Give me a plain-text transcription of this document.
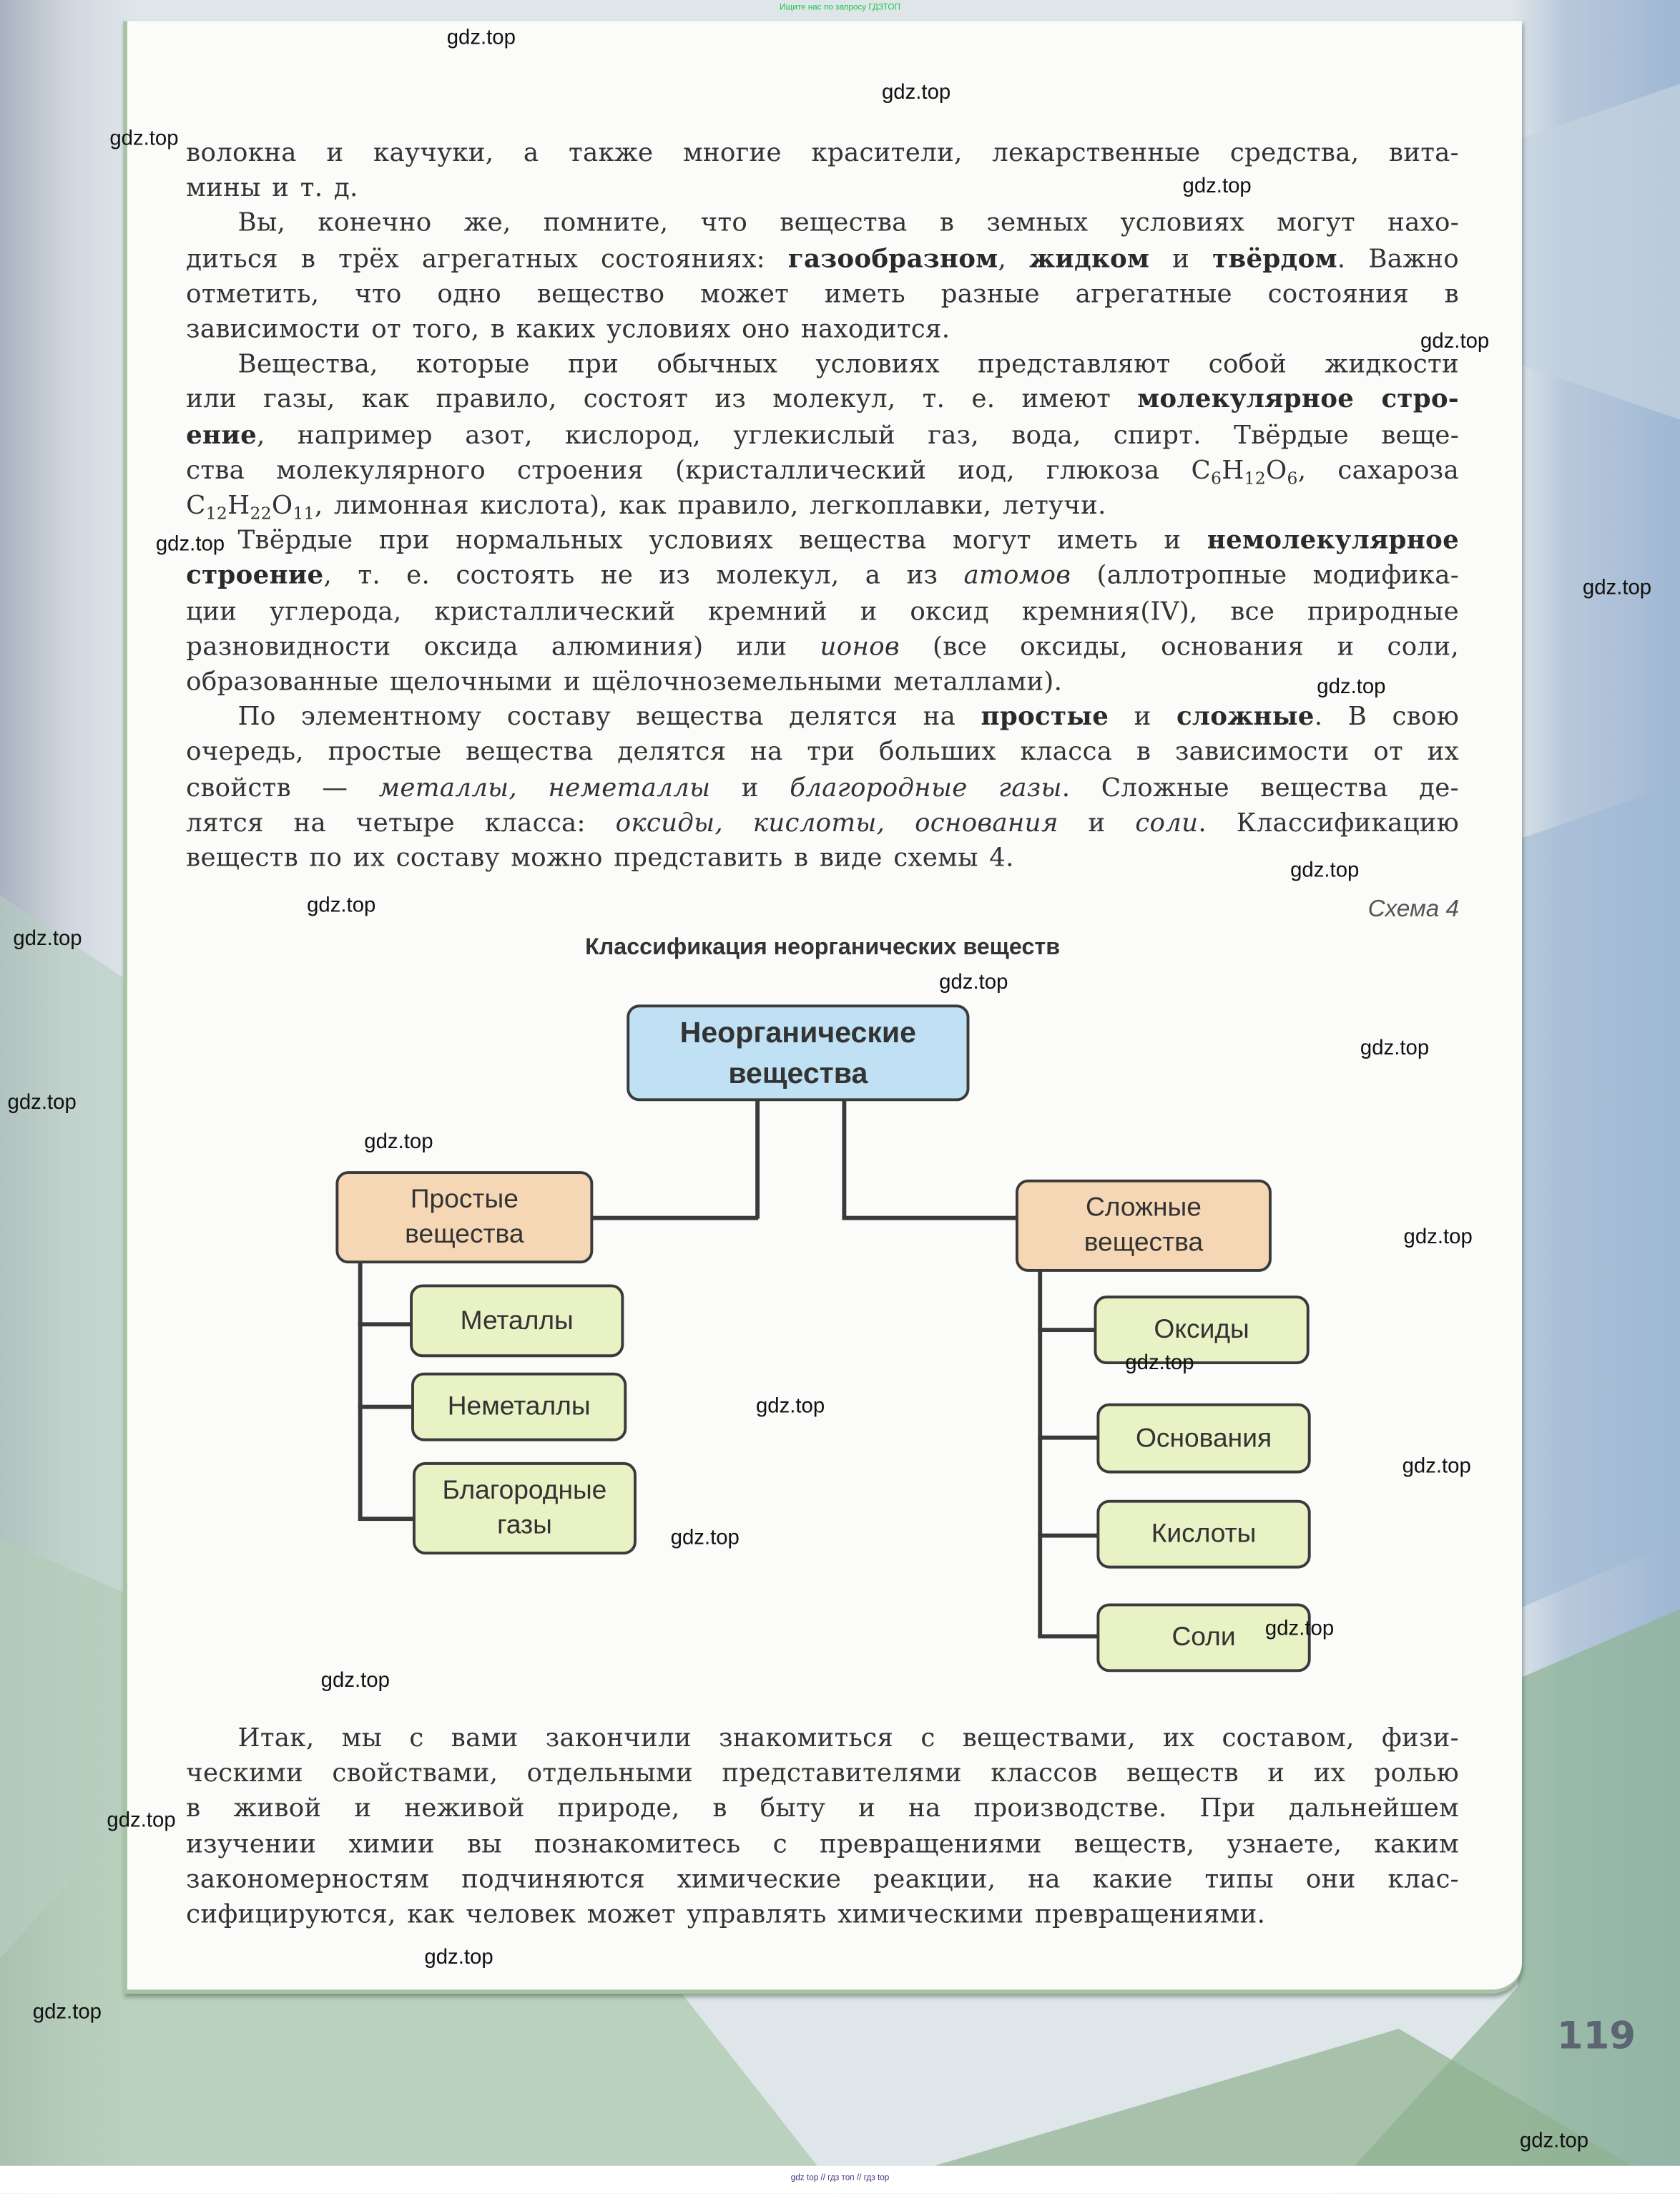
Ищите нас по запросу ГДЗТОП
волокна и каучуки, а также многие красители, лекарственные средства, вита-
мины и т. д.
Вы, конечно же, помните, что вещества в земных условиях могут нахо-
диться в трёх агрегатных состояниях: газообразном, жидком и твёрдом. Важно
отметить, что одно вещество может иметь разные агрегатные состояния в
зависимости от того, в каких условиях оно находится.
Вещества, которые при обычных условиях представляют собой жидкости
или газы, как правило, состоят из молекул, т. е. имеют молекулярное стро-
ение, например азот, кислород, углекислый газ, вода, спирт. Твёрдые веще-
ства молекулярного строения (кристаллический иод, глюкоза $C_6H_{12}O_6$, сахароза
$C_{12}H_{22}O_{11}$, лимонная кислота), как правило, легкоплавки, летучи.
Твёрдые при нормальных условиях вещества могут иметь и немолекулярное
строение, т. е. состоять не из молекул, а из атомов (аллотропные модифика-
ции углерода, кристаллический кремний и оксид кремния(IV), все природные
разновидности оксида алюминия) или ионов (все оксиды, основания и соли,
образованные щелочными и щёлочноземельными металлами).
По элементному составу вещества делятся на простые и сложные. В свою
очередь, простые вещества делятся на три больших класса в зависимости от их
свойств — металлы, неметаллы и благородные газы. Сложные вещества де-
лятся на четыре класса: оксиды, кислоты, основания и соли. Классификацию
веществ по их составу можно представить в виде схемы 4.
Схема 4
Классификация неорганических веществ
Неорганические
вещества
Простые
вещества
Сложные
вещества
Металлы
Неметаллы
Благородные газы
Оксиды
Основания
Кислоты
Соли
Итак, мы с вами закончили знакомиться с веществами, их составом, физи-
ческими свойствами, отдельными представителями классов веществ и их ролью
в живой и неживой природе, в быту и на производстве. При дальнейшем
изучении химии вы познакомитесь с превращениями веществ, узнаете, каким
закономерностям подчиняются химические реакции, на какие типы они клас-
сифицируются, как человек может управлять химическими превращениями.
119
gdz.top
gdz.top
gdz.top
gdz.top
gdz.top
gdz.top
gdz.top
gdz.top
gdz.top
gdz.top
gdz.top
gdz.top
gdz.top
gdz.top
gdz.top
gdz.top
gdz.top
gdz.top
gdz.top
gdz.top
gdz.top
gdz.top
gdz.top
gdz.top
gdz.top
gdz.top
gdz top // гдз топ // гдз top
